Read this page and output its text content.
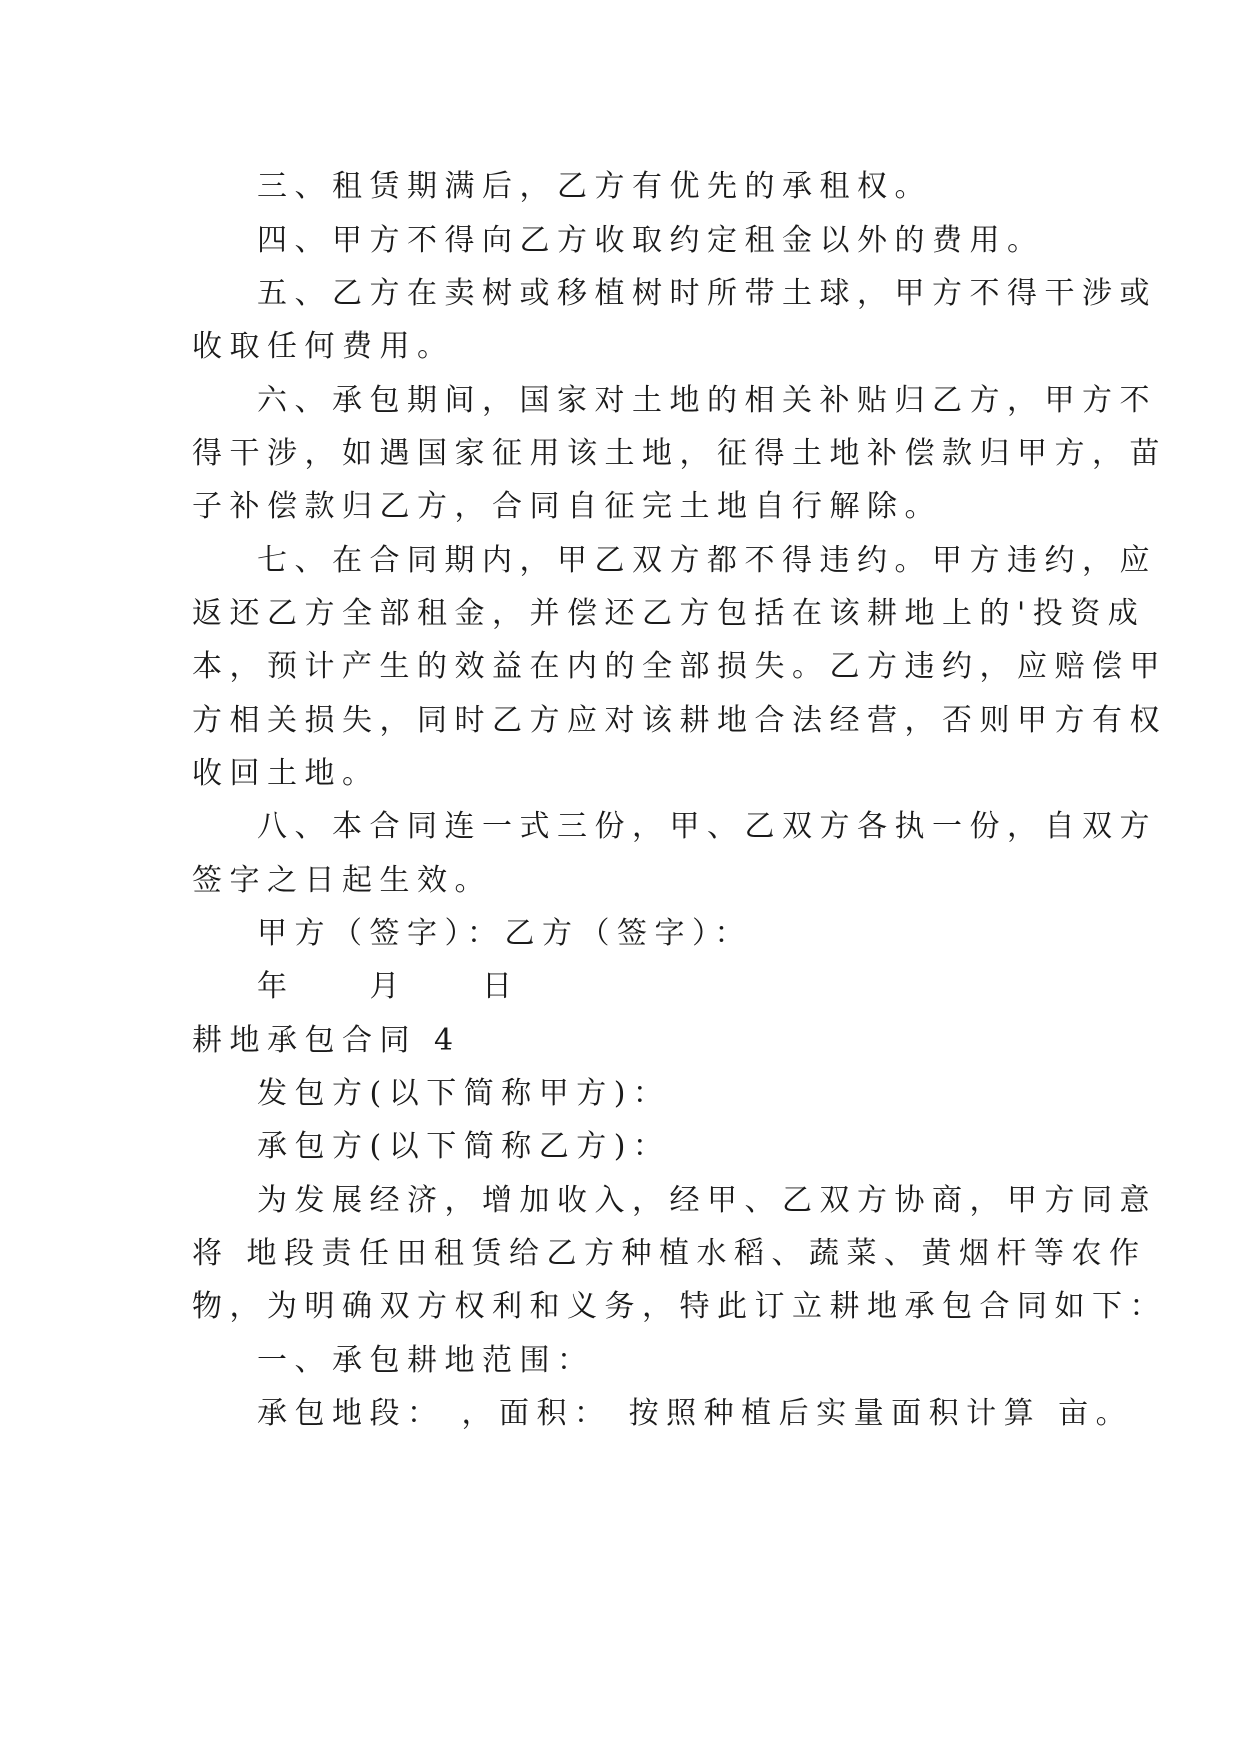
三、租赁期满后，乙方有优先的承租权。
四、甲方不得向乙方收取约定租金以外的费用。
五、乙方在卖树或移植树时所带土球，甲方不得干涉或
收取任何费用。
六、承包期间，国家对土地的相关补贴归乙方，甲方不
得干涉，如遇国家征用该土地，征得土地补偿款归甲方，苗
子补偿款归乙方，合同自征完土地自行解除。
七、在合同期内，甲乙双方都不得违约。甲方违约，应
返还乙方全部租金，并偿还乙方包括在该耕地上的'投资成
本，预计产生的效益在内的全部损失。乙方违约，应赔偿甲
方相关损失，同时乙方应对该耕地合法经营，否则甲方有权
收回土地。
八、本合同连一式三份，甲、乙双方各执一份，自双方
签字之日起生效。
甲方（签字）：乙方（签字）：
年　　月　　日
耕地承包合同 4
发包方(以下简称甲方)：
承包方(以下简称乙方)：
为发展经济，增加收入，经甲、乙双方协商，甲方同意
将 地段责任田租赁给乙方种植水稻、蔬菜、黄烟杆等农作
物，为明确双方权利和义务，特此订立耕地承包合同如下：
一、承包耕地范围：
承包地段： ，面积： 按照种植后实量面积计算 亩。
